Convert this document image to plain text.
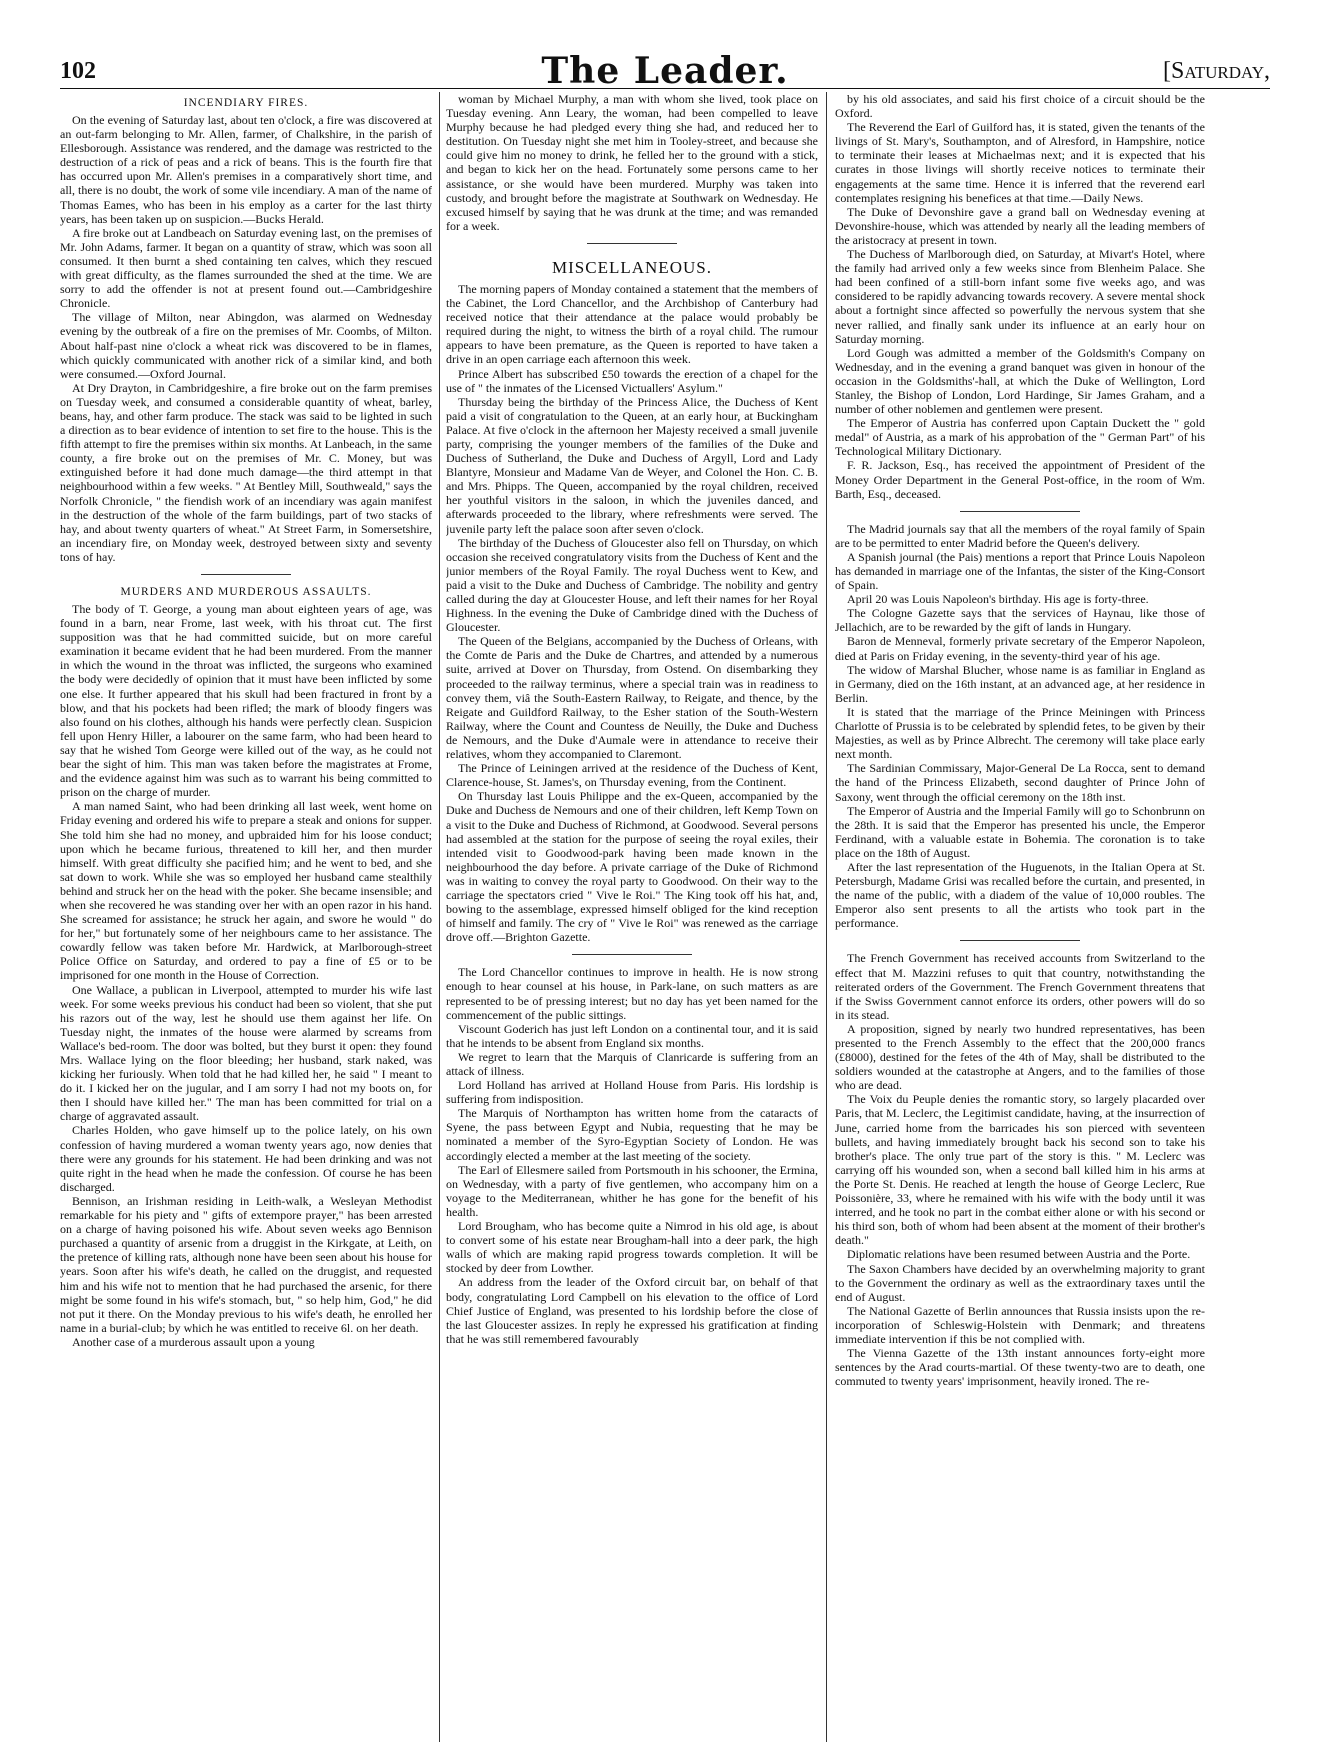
102	The Leader.	[Saturday,
INCENDIARY FIRES.

On the evening of Saturday last, about ten o'clock, a fire was discovered at an out-farm belonging to Mr. Allen, farmer, of Chalkshire, in the parish of Ellesborough. Assistance was rendered, and the damage was restricted to the destruction of a rick of peas and a rick of beans. This is the fourth fire that has occurred upon Mr. Allen's premises in a comparatively short time, and all, there is no doubt, the work of some vile incendiary. A man of the name of Thomas Eames, who has been in his employ as a carter for the last thirty years, has been taken up on suspicion.—Bucks Herald.

A fire broke out at Landbeach on Saturday evening last, on the premises of Mr. John Adams, farmer. It began on a quantity of straw, which was soon all consumed. It then burnt a shed containing ten calves, which they rescued with great difficulty, as the flames surrounded the shed at the time. We are sorry to add the offender is not at present found out.—Cambridgeshire Chronicle.

The village of Milton, near Abingdon, was alarmed on Wednesday evening by the outbreak of a fire on the premises of Mr. Coombs, of Milton. About half-past nine o'clock a wheat rick was discovered to be in flames, which quickly communicated with another rick of a similar kind, and both were consumed.—Oxford Journal.

At Dry Drayton, in Cambridgeshire, a fire broke out on the farm premises on Tuesday week, and consumed a considerable quantity of wheat, barley, beans, hay, and other farm produce. The stack was said to be lighted in such a direction as to bear evidence of intention to set fire to the house. This is the fifth attempt to fire the premises within six months. At Lanbeach, in the same county, a fire broke out on the premises of Mr. C. Money, but was extinguished before it had done much damage—the third attempt in that neighbourhood within a few weeks. " At Bentley Mill, Southweald," says the Norfolk Chronicle, " the fiendish work of an incendiary was again manifest in the destruction of the whole of the farm buildings, part of two stacks of hay, and about twenty quarters of wheat." At Street Farm, in Somersetshire, an incendiary fire, on Monday week, destroyed between sixty and seventy tons of hay.

MURDERS AND MURDEROUS ASSAULTS.

The body of T. George, a young man about eighteen years of age, was found in a barn, near Frome, last week, with his throat cut. The first supposition was that he had committed suicide, but on more careful examination it became evident that he had been murdered. From the manner in which the wound in the throat was inflicted, the surgeons who examined the body were decidedly of opinion that it must have been inflicted by some one else. It further appeared that his skull had been fractured in front by a blow, and that his pockets had been rifled; the mark of bloody fingers was also found on his clothes, although his hands were perfectly clean. Suspicion fell upon Henry Hiller, a labourer on the same farm, who had been heard to say that he wished Tom George were killed out of the way, as he could not bear the sight of him. This man was taken before the magistrates at Frome, and the evidence against him was such as to warrant his being committed to prison on the charge of murder.

A man named Saint, who had been drinking all last week, went home on Friday evening and ordered his wife to prepare a steak and onions for supper. She told him she had no money, and upbraided him for his loose conduct; upon which he became furious, threatened to kill her, and then murder himself. With great difficulty she pacified him; and he went to bed, and she sat down to work. While she was so employed her husband came stealthily behind and struck her on the head with the poker. She became insensible; and when she recovered he was standing over her with an open razor in his hand. She screamed for assistance; he struck her again, and swore he would " do for her," but fortunately some of her neighbours came to her assistance. The cowardly fellow was taken before Mr. Hardwick, at Marlborough-street Police Office on Saturday, and ordered to pay a fine of £5 or to be imprisoned for one month in the House of Correction.

One Wallace, a publican in Liverpool, attempted to murder his wife last week. For some weeks previous his conduct had been so violent, that she put his razors out of the way, lest he should use them against her life. On Tuesday night, the inmates of the house were alarmed by screams from Wallace's bed-room. The door was bolted, but they burst it open: they found Mrs. Wallace lying on the floor bleeding; her husband, stark naked, was kicking her furiously. When told that he had killed her, he said " I meant to do it. I kicked her on the jugular, and I am sorry I had not my boots on, for then I should have killed her." The man has been committed for trial on a charge of aggravated assault.

Charles Holden, who gave himself up to the police lately, on his own confession of having murdered a woman twenty years ago, now denies that there were any grounds for his statement. He had been drinking and was not quite right in the head when he made the confession. Of course he has been discharged.

Bennison, an Irishman residing in Leith-walk, a Wesleyan Methodist remarkable for his piety and " gifts of extempore prayer," has been arrested on a charge of having poisoned his wife. About seven weeks ago Bennison purchased a quantity of arsenic from a druggist in the Kirkgate, at Leith, on the pretence of killing rats, although none have been seen about his house for years. Soon after his wife's death, he called on the druggist, and requested him and his wife not to mention that he had purchased the arsenic, for there might be some found in his wife's stomach, but, " so help him, God," he did not put it there. On the Monday previous to his wife's death, he enrolled her name in a burial-club; by which he was entitled to receive 6l. on her death.

Another case of a murderous assault upon a young

woman by Michael Murphy, a man with whom she lived, took place on Tuesday evening. Ann Leary, the woman, had been compelled to leave Murphy because he had pledged every thing she had, and reduced her to destitution. On Tuesday night she met him in Tooley-street, and because she could give him no money to drink, he felled her to the ground with a stick, and began to kick her on the head. Fortunately some persons came to her assistance, or she would have been murdered. Murphy was taken into custody, and brought before the magistrate at Southwark on Wednesday. He excused himself by saying that he was drunk at the time; and was remanded for a week.

MISCELLANEOUS.

The morning papers of Monday contained a statement that the members of the Cabinet, the Lord Chancellor, and the Archbishop of Canterbury had received notice that their attendance at the palace would probably be required during the night, to witness the birth of a royal child. The rumour appears to have been premature, as the Queen is reported to have taken a drive in an open carriage each afternoon this week.

Prince Albert has subscribed £50 towards the erection of a chapel for the use of " the inmates of the Licensed Victuallers' Asylum."

Thursday being the birthday of the Princess Alice, the Duchess of Kent paid a visit of congratulation to the Queen, at an early hour, at Buckingham Palace. At five o'clock in the afternoon her Majesty received a small juvenile party, comprising the younger members of the families of the Duke and Duchess of Sutherland, the Duke and Duchess of Argyll, Lord and Lady Blantyre, Monsieur and Madame Van de Weyer, and Colonel the Hon. C. B. and Mrs. Phipps. The Queen, accompanied by the royal children, received her youthful visitors in the saloon, in which the juveniles danced, and afterwards proceeded to the library, where refreshments were served. The juvenile party left the palace soon after seven o'clock.

The birthday of the Duchess of Gloucester also fell on Thursday, on which occasion she received congratulatory visits from the Duchess of Kent and the junior members of the Royal Family. The royal Duchess went to Kew, and paid a visit to the Duke and Duchess of Cambridge. The nobility and gentry called during the day at Gloucester House, and left their names for her Royal Highness. In the evening the Duke of Cambridge dined with the Duchess of Gloucester.

The Queen of the Belgians, accompanied by the Duchess of Orleans, with the Comte de Paris and the Duke de Chartres, and attended by a numerous suite, arrived at Dover on Thursday, from Ostend. On disembarking they proceeded to the railway terminus, where a special train was in readiness to convey them, viâ the South-Eastern Railway, to Reigate, and thence, by the Reigate and Guildford Railway, to the Esher station of the South-Western Railway, where the Count and Countess de Neuilly, the Duke and Duchess de Nemours, and the Duke d'Aumale were in attendance to receive their relatives, whom they accompanied to Claremont.

The Prince of Leiningen arrived at the residence of the Duchess of Kent, Clarence-house, St. James's, on Thursday evening, from the Continent.

On Thursday last Louis Philippe and the ex-Queen, accompanied by the Duke and Duchess de Nemours and one of their children, left Kemp Town on a visit to the Duke and Duchess of Richmond, at Goodwood. Several persons had assembled at the station for the purpose of seeing the royal exiles, their intended visit to Goodwood-park having been made known in the neighbourhood the day before. A private carriage of the Duke of Richmond was in waiting to convey the royal party to Goodwood. On their way to the carriage the spectators cried " Vive le Roi." The King took off his hat, and, bowing to the assemblage, expressed himself obliged for the kind reception of himself and family. The cry of " Vive le Roi" was renewed as the carriage drove off.—Brighton Gazette.

The Lord Chancellor continues to improve in health. He is now strong enough to hear counsel at his house, in Park-lane, on such matters as are represented to be of pressing interest; but no day has yet been named for the commencement of the public sittings.

Viscount Goderich has just left London on a continental tour, and it is said that he intends to be absent from England six months.

We regret to learn that the Marquis of Clanricarde is suffering from an attack of illness.

Lord Holland has arrived at Holland House from Paris. His lordship is suffering from indisposition.

The Marquis of Northampton has written home from the cataracts of Syene, the pass between Egypt and Nubia, requesting that he may be nominated a member of the Syro-Egyptian Society of London. He was accordingly elected a member at the last meeting of the society.

The Earl of Ellesmere sailed from Portsmouth in his schooner, the Ermina, on Wednesday, with a party of five gentlemen, who accompany him on a voyage to the Mediterranean, whither he has gone for the benefit of his health.

Lord Brougham, who has become quite a Nimrod in his old age, is about to convert some of his estate near Brougham-hall into a deer park, the high walls of which are making rapid progress towards completion. It will be stocked by deer from Lowther.

An address from the leader of the Oxford circuit bar, on behalf of that body, congratulating Lord Campbell on his elevation to the office of Lord Chief Justice of England, was presented to his lordship before the close of the last Gloucester assizes. In reply he expressed his gratification at finding that he was still remembered favourably

by his old associates, and said his first choice of a circuit should be the Oxford.

The Reverend the Earl of Guilford has, it is stated, given the tenants of the livings of St. Mary's, Southampton, and of Alresford, in Hampshire, notice to terminate their leases at Michaelmas next; and it is expected that his curates in those livings will shortly receive notices to terminate their engagements at the same time. Hence it is inferred that the reverend earl contemplates resigning his benefices at that time.—Daily News.

The Duke of Devonshire gave a grand ball on Wednesday evening at Devonshire-house, which was attended by nearly all the leading members of the aristocracy at present in town.

The Duchess of Marlborough died, on Saturday, at Mivart's Hotel, where the family had arrived only a few weeks since from Blenheim Palace. She had been confined of a still-born infant some five weeks ago, and was considered to be rapidly advancing towards recovery. A severe mental shock about a fortnight since affected so powerfully the nervous system that she never rallied, and finally sank under its influence at an early hour on Saturday morning.

Lord Gough was admitted a member of the Goldsmith's Company on Wednesday, and in the evening a grand banquet was given in honour of the occasion in the Goldsmiths'-hall, at which the Duke of Wellington, Lord Stanley, the Bishop of London, Lord Hardinge, Sir James Graham, and a number of other noblemen and gentlemen were present.

The Emperor of Austria has conferred upon Captain Duckett the " gold medal" of Austria, as a mark of his approbation of the " German Part" of his Technological Military Dictionary.

F. R. Jackson, Esq., has received the appointment of President of the Money Order Department in the General Post-office, in the room of Wm. Barth, Esq., deceased.

The Madrid journals say that all the members of the royal family of Spain are to be permitted to enter Madrid before the Queen's delivery.

A Spanish journal (the Pais) mentions a report that Prince Louis Napoleon has demanded in marriage one of the Infantas, the sister of the King-Consort of Spain.

April 20 was Louis Napoleon's birthday. His age is forty-three.

The Cologne Gazette says that the services of Haynau, like those of Jellachich, are to be rewarded by the gift of lands in Hungary.

Baron de Menneval, formerly private secretary of the Emperor Napoleon, died at Paris on Friday evening, in the seventy-third year of his age.

The widow of Marshal Blucher, whose name is as familiar in England as in Germany, died on the 16th instant, at an advanced age, at her residence in Berlin.

It is stated that the marriage of the Prince Meiningen with Princess Charlotte of Prussia is to be celebrated by splendid fetes, to be given by their Majesties, as well as by Prince Albrecht. The ceremony will take place early next month.

The Sardinian Commissary, Major-General De La Rocca, sent to demand the hand of the Princess Elizabeth, second daughter of Prince John of Saxony, went through the official ceremony on the 18th inst.

The Emperor of Austria and the Imperial Family will go to Schonbrunn on the 28th. It is said that the Emperor has presented his uncle, the Emperor Ferdinand, with a valuable estate in Bohemia. The coronation is to take place on the 18th of August.

After the last representation of the Huguenots, in the Italian Opera at St. Petersburgh, Madame Grisi was recalled before the curtain, and presented, in the name of the public, with a diadem of the value of 10,000 roubles. The Emperor also sent presents to all the artists who took part in the performance.

The French Government has received accounts from Switzerland to the effect that M. Mazzini refuses to quit that country, notwithstanding the reiterated orders of the Government. The French Government threatens that if the Swiss Government cannot enforce its orders, other powers will do so in its stead.

A proposition, signed by nearly two hundred representatives, has been presented to the French Assembly to the effect that the 200,000 francs (£8000), destined for the fetes of the 4th of May, shall be distributed to the soldiers wounded at the catastrophe at Angers, and to the families of those who are dead.

The Voix du Peuple denies the romantic story, so largely placarded over Paris, that M. Leclerc, the Legitimist candidate, having, at the insurrection of June, carried home from the barricades his son pierced with seventeen bullets, and having immediately brought back his second son to take his brother's place. The only true part of the story is this. " M. Leclerc was carrying off his wounded son, when a second ball killed him in his arms at the Porte St. Denis. He reached at length the house of George Leclerc, Rue Poissonière, 33, where he remained with his wife with the body until it was interred, and he took no part in the combat either alone or with his second or his third son, both of whom had been absent at the moment of their brother's death."

Diplomatic relations have been resumed between Austria and the Porte.

The Saxon Chambers have decided by an overwhelming majority to grant to the Government the ordinary as well as the extraordinary taxes until the end of August.

The National Gazette of Berlin announces that Russia insists upon the re-incorporation of Schleswig-Holstein with Denmark; and threatens immediate intervention if this be not complied with.

The Vienna Gazette of the 13th instant announces forty-eight more sentences by the Arad courts-martial. Of these twenty-two are to death, one commuted to twenty years' imprisonment, heavily ironed. The re-
